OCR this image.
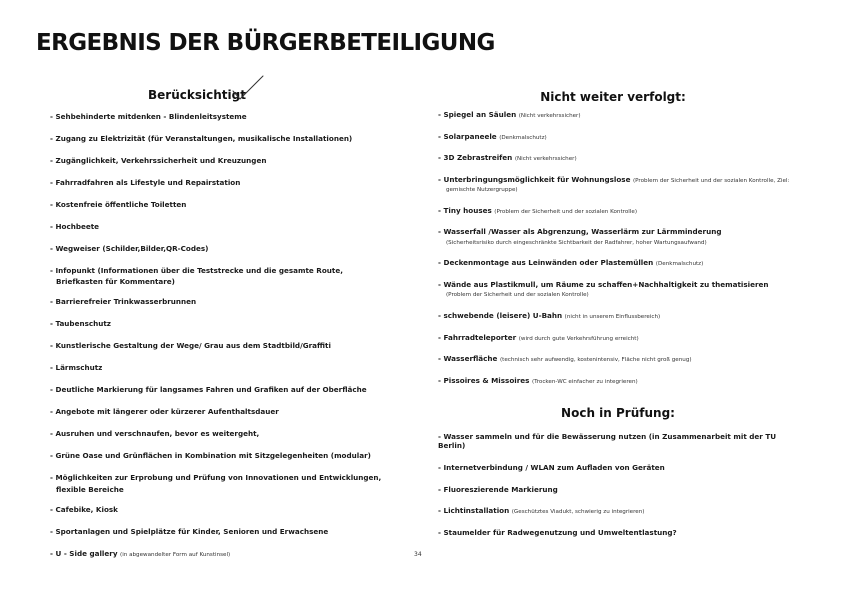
ERGEBNIS DER BÜRGERBETEILIGUNG
Berücksichtigt
- Sehbehinderte mitdenken - Blindenleitsysteme
- Zugang zu Elektrizität (für Veranstaltungen, musikalische Installationen)
- Zugänglichkeit, Verkehrssicherheit und Kreuzungen
- Fahrradfahren als Lifestyle und Repairstation
- Kostenfreie öffentliche Toiletten
- Hochbeete
- Wegweiser (Schilder,Bilder,QR-Codes)
- Infopunkt (Informationen über die Teststrecke und die gesamte Route,
Briefkasten für Kommentare)
- Barrierefreier Trinkwasserbrunnen
- Taubenschutz
- Kunstlerische Gestaltung der Wege/ Grau aus dem Stadtbild/Graffiti
- Lärmschutz
- Deutliche Markierung für langsames Fahren und Grafiken auf der Oberfläche
- Angebote mit längerer oder kürzerer Aufenthaltsdauer
- Ausruhen und verschnaufen, bevor es weitergeht,
- Grüne Oase und Grünflächen in Kombination mit Sitzgelegenheiten (modular)
- Möglichkeiten zur Erprobung und Prüfung von Innovationen und Entwicklungen,
flexible Bereiche
- Cafebike, Kiosk
- Sportanlagen und Spielplätze für Kinder, Senioren und Erwachsene
- U - Side gallery (in abgewandelter Form auf Kunstinsel)
Nicht weiter verfolgt:
- Spiegel an Säulen (Nicht verkehrssicher)
- Solarpaneele (Denkmalschutz)
- 3D Zebrastreifen (Nicht verkehrssicher)
- Unterbringungsmöglichkeit für Wohnungslose (Problem der Sicherheit und der sozialen Kontrolle, Ziel:
gemischte Nutzergruppe)
- Tiny houses (Problem der Sicherheit und der sozialen Kontrolle)
- Wasserfall /Wasser als Abgrenzung, Wasserlärm zur Lärmminderung
(Sicherheitsrisiko durch eingeschränkte Sichtbarkeit der Radfahrer, hoher Wartungsaufwand)
- Deckenmontage aus Leinwänden oder Plastemüllen (Denkmalschutz)
- Wände aus Plastikmull, um Räume zu schaffen+Nachhaltigkeit zu thematisieren
(Problem der Sicherheit und der sozialen Kontrolle)
- schwebende (leisere) U-Bahn (nicht in unserem Einflussbereich)
- Fahrradteleporter (wird durch gute Verkehrsführung erreicht)
- Wasserfläche (technisch sehr aufwendig, kostenintensiv, Fläche nicht groß genug)
- Pissoires & Missoires (Trocken-WC einfacher zu integrieren)
Noch in Prüfung:
- Wasser sammeln und für die Bewässerung nutzen (in Zusammenarbeit mit der TU Berlin)
- Internetverbindung / WLAN zum Aufladen von Geräten
- Fluoreszierende Markierung
- Lichtinstallation (Geschütztes Viadukt, schwierig zu integrieren)
- Staumelder für Radwegenutzung und Umweltentlastung?
34
